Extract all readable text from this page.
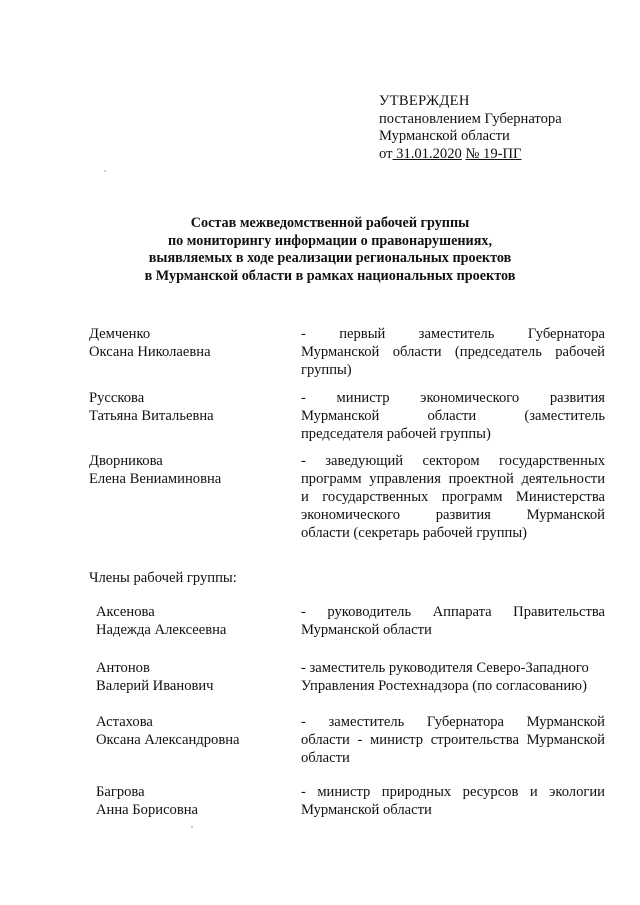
УТВЕРЖДЕН
постановлением Губернатора
Мурманской области
от 31.01.2020 № 19-ПГ
Состав межведомственной рабочей группы
по мониторингу информации о правонарушениях,
выявляемых в ходе реализации региональных проектов
в Мурманской области в рамках национальных проектов
Демченко
Оксана Николаевна
- первый заместитель Губернатора
Мурманской области (председатель рабочей
группы)
Русскова
Татьяна Витальевна
- министр экономического развития
Мурманской области (заместитель
председателя рабочей группы)
Дворникова
Елена Вениаминовна
- заведующий сектором государственных
программ управления проектной деятельности
и государственных программ Министерства
экономического развития Мурманской
области (секретарь рабочей группы)
Члены рабочей группы:
Аксенова
Надежда Алексеевна
- руководитель Аппарата Правительства
Мурманской области
Антонов
Валерий Иванович
- заместитель руководителя Северо-Западного
Управления Ростехнадзора (по согласованию)
Астахова
Оксана Александровна
- заместитель Губернатора Мурманской
области - министр строительства Мурманской
области
Багрова
Анна Борисовна
- министр природных ресурсов и экологии
Мурманской области
